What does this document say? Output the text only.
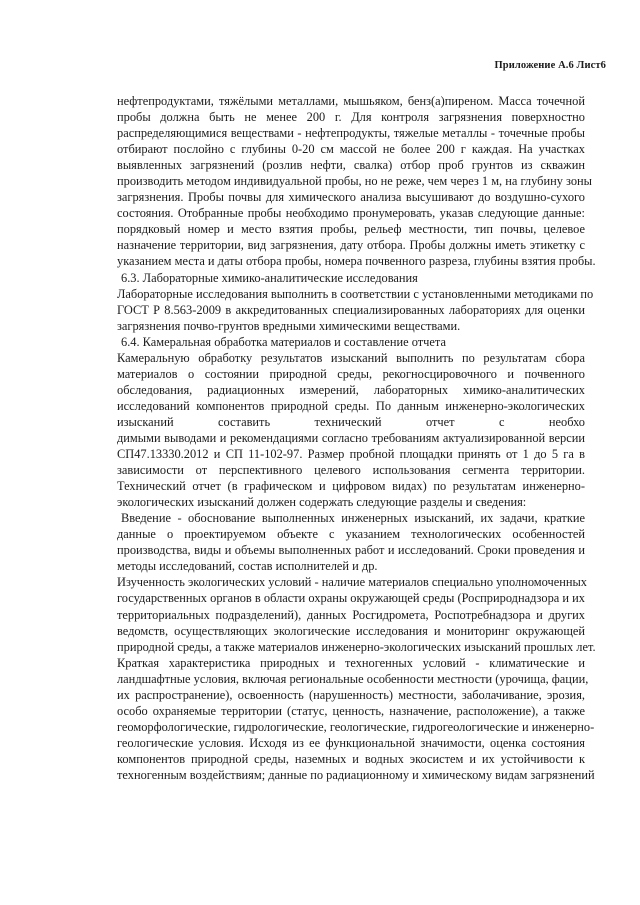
Приложение А.6 Лист6
нефтепродуктами, тяжёлыми металлами, мышьяком, бенз(а)пиреном. Масса точечной
пробы должна быть не менее 200 г. Для контроля загрязнения поверхностно
распределяющимися веществами - нефтепродукты, тяжелые металлы - точечные пробы
отбирают послойно с глубины 0-20 см массой не более 200 г каждая. На участках
выявленных загрязнений (розлив нефти, свалка) отбор проб грунтов из скважин
производить методом индивидуальной пробы, но не реже, чем через 1 м, на глубину зоны
загрязнения. Пробы почвы для химического анализа высушивают до воздушно-сухого
состояния. Отобранные пробы необходимо пронумеровать, указав следующие данные:
порядковый номер и место взятия пробы, рельеф местности, тип почвы, целевое
назначение территории, вид загрязнения, дату отбора. Пробы должны иметь этикетку с
указанием места и даты отбора пробы, номера почвенного разреза, глубины взятия пробы.
6.3. Лабораторные химико-аналитические исследования
Лабораторные исследования выполнить в соответствии с установленными методиками по
ГОСТ Р 8.563-2009 в аккредитованных специализированных лабораториях для оценки
загрязнения почво-грунтов вредными химическими веществами.
6.4. Камеральная обработка материалов и составление отчета
Камеральную обработку результатов изысканий выполнить по результатам сбора
материалов о состоянии природной среды, рекогносцировочного и почвенного
обследования, радиационных измерений, лабораторных химико-аналитических
исследований компонентов природной среды. По данным инженерно-экологических
изысканий составить технический отчет с необхо
димыми выводами и рекомендациями согласно требованиям актуализированной версии
СП47.13330.2012 и СП 11-102-97. Размер пробной площадки принять от 1 до 5 га в
зависимости от перспективного целевого использования сегмента территории.
Технический отчет (в графическом и цифровом видах) по результатам инженерно-
экологических изысканий должен содержать следующие разделы и сведения:
Введение - обоснование выполненных инженерных изысканий, их задачи, краткие
данные о проектируемом объекте с указанием технологических особенностей
производства, виды и объемы выполненных работ и исследований. Сроки проведения и
методы исследований, состав исполнителей и др.
Изученность экологических условий - наличие материалов специально уполномоченных
государственных органов в области охраны окружающей среды (Росприроднадзора и их
территориальных подразделений), данных Росгидромета, Роспотребнадзора и других
ведомств, осуществляющих экологические исследования и мониторинг окружающей
природной среды, а также материалов инженерно-экологических изысканий прошлых лет.
Краткая характеристика природных и техногенных условий - климатические и
ландшафтные условия, включая региональные особенности местности (урочища, фации,
их распространение), освоенность (нарушенность) местности, заболачивание, эрозия,
особо охраняемые территории (статус, ценность, назначение, расположение), а также
геоморфологические, гидрологические, геологические, гидрогеологические и инженерно-
геологические условия. Исходя из ее функциональной значимости, оценка состояния
компонентов природной среды, наземных и водных экосистем и их устойчивости к
техногенным воздействиям; данные по радиационному и химическому видам загрязнений
